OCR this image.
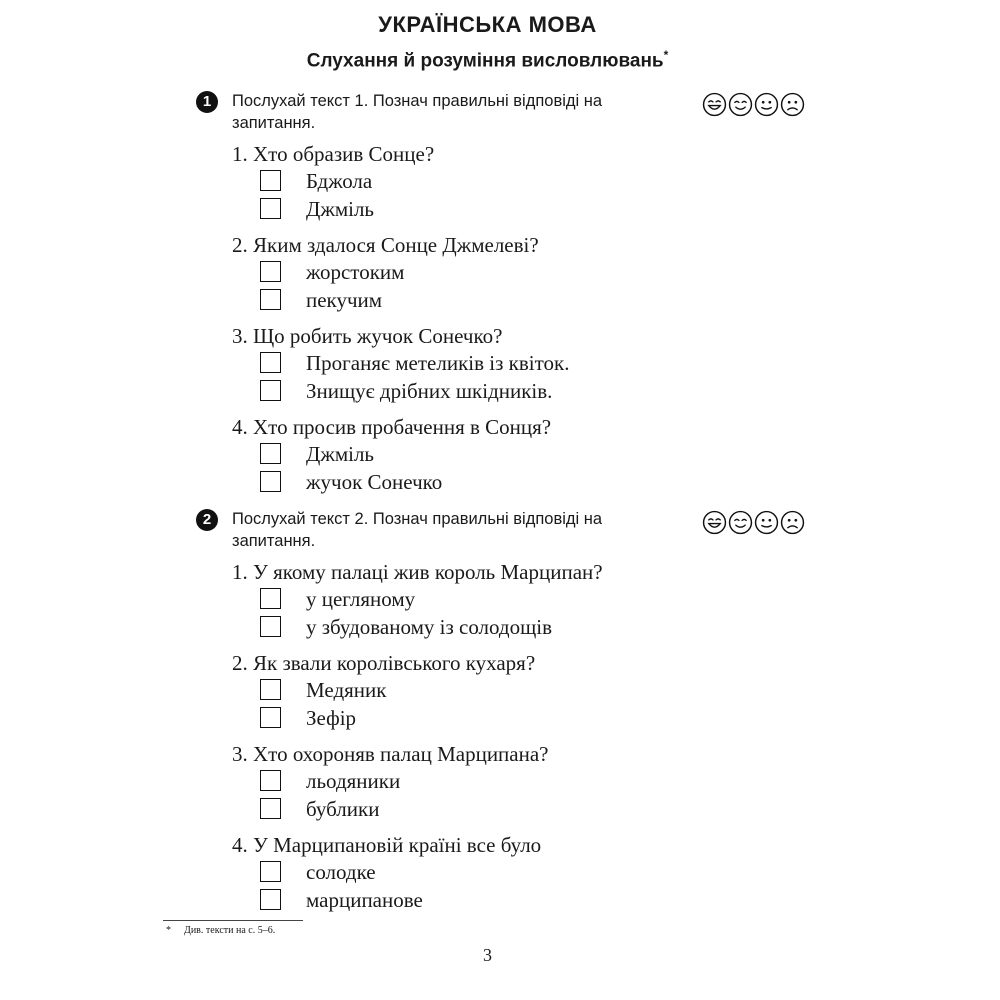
УКРАЇНСЬКА МОВА
Слухання й розуміння висловлювань*
1	Послухай текст 1. Познач правильні відповіді на запитання.
1. Хто образив Сонце?
Бджола
Джміль
2. Яким здалося Сонце Джмелеві?
жорстоким
пекучим
3. Що робить жучок Сонечко?
Проганяє метеликів із квіток.
Знищує дрібних шкідників.
4. Хто просив пробачення в Сонця?
Джміль
жучок Сонечко
2	Послухай текст 2. Познач правильні відповіді на запитання.
1. У якому палаці жив король Марципан?
у цегляному
у збудованому із солодощів
2. Як звали королівського кухаря?
Медяник
Зефір
3. Хто охороняв палац Марципана?
льодяники
бублики
4. У Марципановій країні все було
солодке
марципанове
* Див. тексти на с. 5–6.
3
